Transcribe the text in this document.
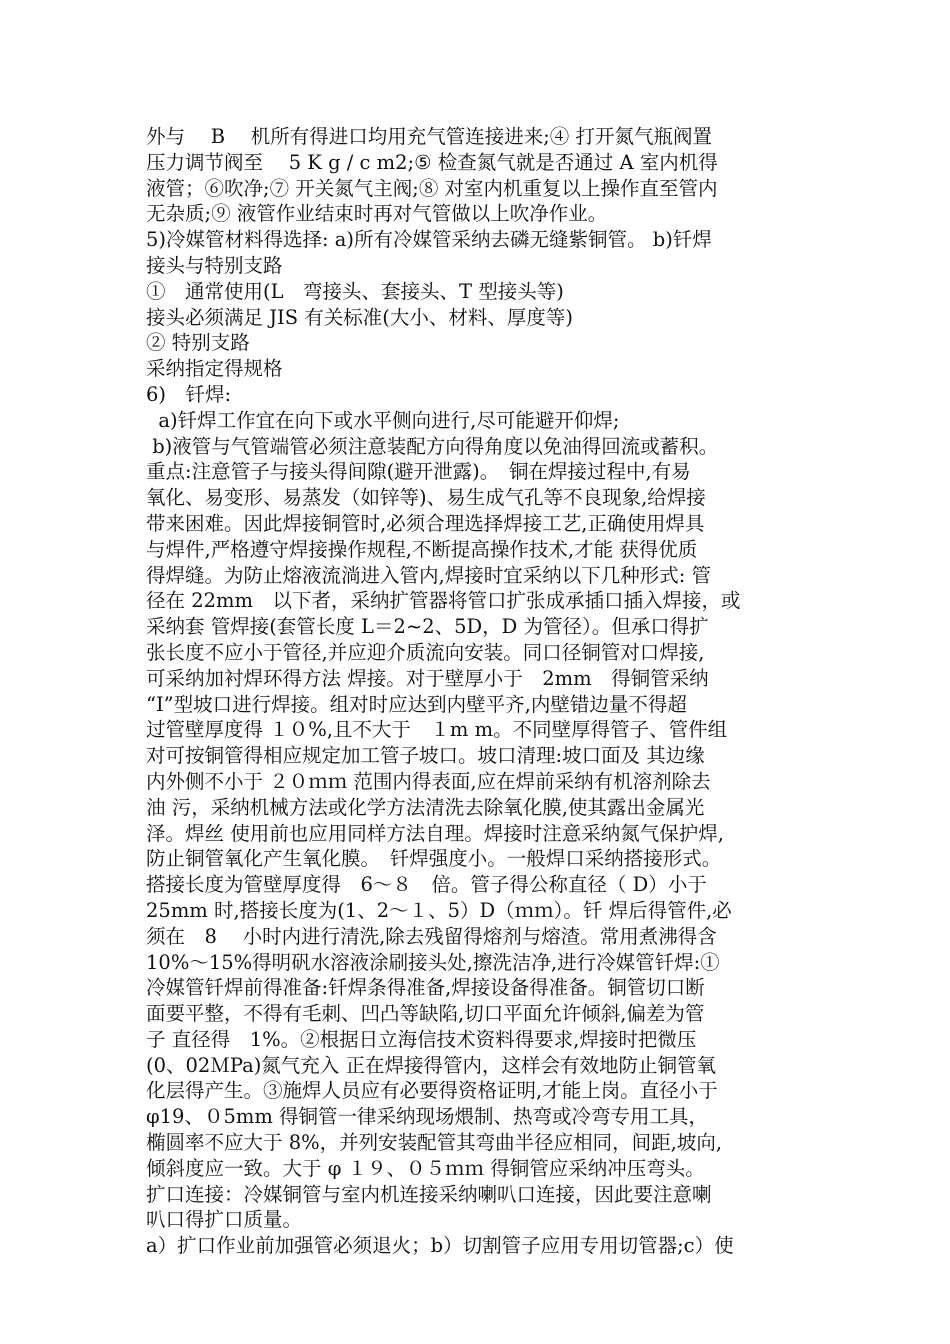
外与　 B　 机所有得进口均用充气管连接进来;④ 打开氮气瓶阀置
压力调节阀至　 5 K g / c m2;⑤ 检查氮气就是否通过 A 室内机得
液管；⑥吹净;⑦ 开关氮气主阀;⑧ 对室内机重复以上操作直至管内
无杂质;⑨ 液管作业结束时再对气管做以上吹净作业。
5)冷媒管材料得选择: a)所有冷媒管采纳去磷无缝紫铜管。 b)钎焊
接头与特别支路
①　通常使用(L　弯接头、套接头、T 型接头等)
接头必须满足 JIS 有关标准(大小、材料、厚度等)
② 特别支路
采纳指定得规格
6)　钎焊:
a)钎焊工作宜在向下或水平侧向进行,尽可能避开仰焊;
b)液管与气管端管必须注意装配方向得角度以免油得回流或蓄积。
重点:注意管子与接头得间隙(避开泄露)。　铜在焊接过程中,有易
氧化、易变形、易蒸发（如锌等)、易生成气孔等不良现象,给焊接
带来困难。因此焊接铜管时,必须合理选择焊接工艺,正确使用焊具
与焊件,严格遵守焊接操作规程,不断提高操作技术,才能 获得优质
得焊缝。为防止熔液流淌进入管内,焊接时宜采纳以下几种形式: 管
径在 22mm　以下者，采纳扩管器将管口扩张成承插口插入焊接，或
采纳套 管焊接(套管长度 L＝2~2、5D，D 为管径）。但承口得扩
张长度不应小于管径,并应迎介质流向安装。同口径铜管对口焊接,
可采纳加衬焊环得方法 焊接。对于壁厚小于　2mm　得铜管采纳
“I”型坡口进行焊接。组对时应达到内壁平齐,内壁错边量不得超
过管壁厚度得 １０%,且不大于　１m m。不同壁厚得管子、管件组
对可按铜管得相应规定加工管子坡口。坡口清理:坡口面及 其边缘
内外侧不小于 ２０ｍｍ 范围内得表面,应在焊前采纳有机溶剂除去
油 污，采纳机械方法或化学方法清洗去除氧化膜,使其露出金属光
泽。焊丝 使用前也应用同样方法自理。焊接时注意采纳氮气保护焊,
防止铜管氧化产生氧化膜。　钎焊强度小。一般焊口采纳搭接形式。
搭接长度为管壁厚度得　6～８　倍。管子得公称直径（ D）小于
25mm 时,搭接长度为(1、2～１、5）D（ｍｍ）。钎 焊后得管件,必
须在　8　 小时内进行清洗,除去残留得熔剂与熔渣。常用煮沸得含
10%～15%得明矾水溶液涂刷接头处,擦洗洁净,进行冷媒管钎焊:①
冷媒管钎焊前得准备:钎焊条得准备,焊接设备得准备。铜管切口断
面要平整，不得有毛刺、凹凸等缺陷,切口平面允许倾斜,偏差为管
子 直径得　1%。②根据日立海信技术资料得要求,焊接时把微压
(0、02ＭPa)氮气充入 正在焊接得管内，这样会有效地防止铜管氧
化层得产生。③施焊人员应有必要得资格证明,才能上岗。直径小于
φ19、０5mm 得铜管一律采纳现场煨制、热弯或冷弯专用工具，
椭圆率不应大于 8%，并列安装配管其弯曲半径应相同，间距,坡向,
倾斜度应一致。大于 φ １９、０５ｍｍ 得铜管应采纳冲压弯头。
扩口连接：冷媒铜管与室内机连接采纳喇叭口连接，因此要注意喇
叭口得扩口质量。
a）扩口作业前加强管必须退火；b）切割管子应用专用切管器;c）使
